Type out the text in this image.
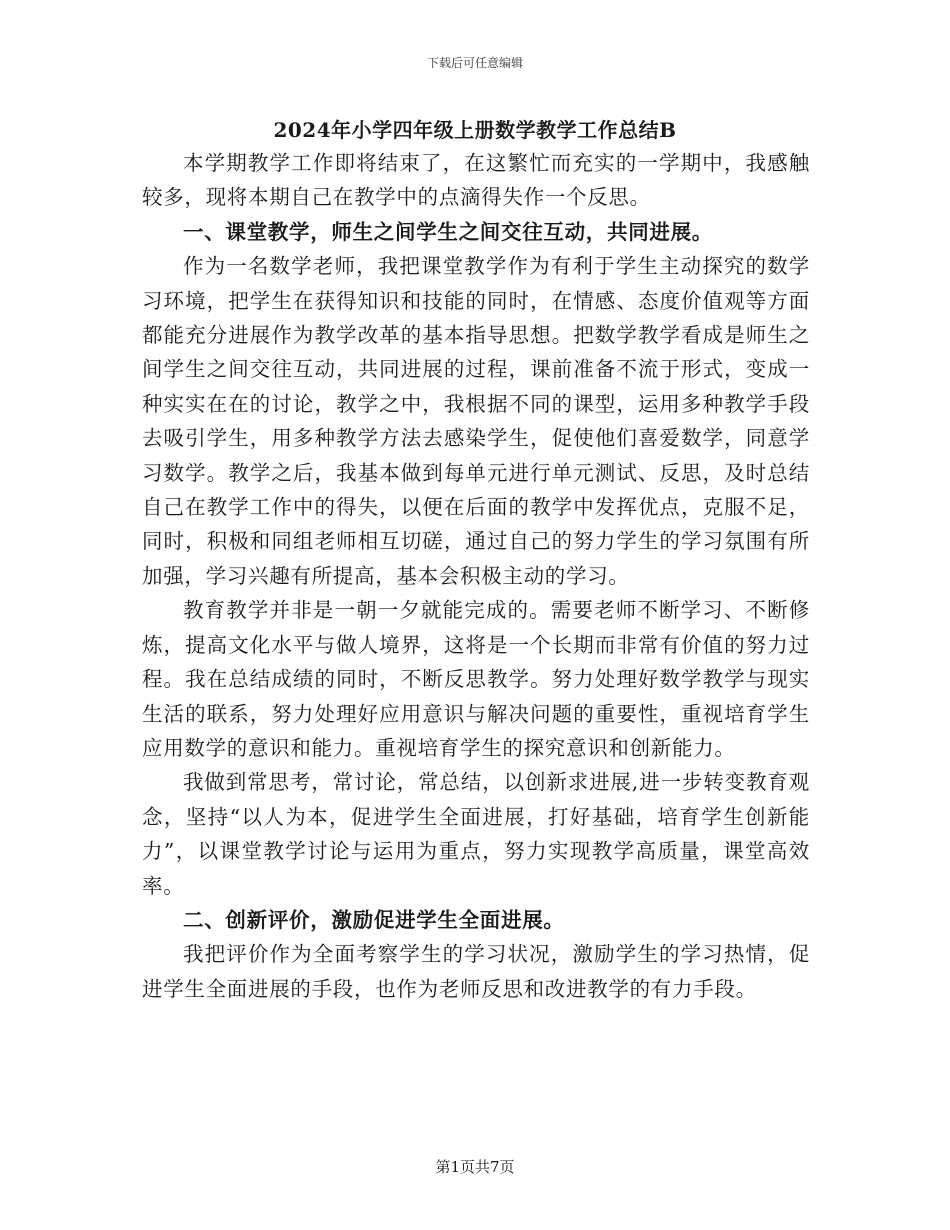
下载后可任意编辑
2024年小学四年级上册数学教学工作总结B

本学期教学工作即将结束了，在这繁忙而充实的一学期中，我感触较多，现将本期自己在教学中的点滴得失作一个反思。

一、课堂教学，师生之间学生之间交往互动，共同进展。

作为一名数学老师，我把课堂教学作为有利于学生主动探究的数学习环境，把学生在获得知识和技能的同时，在情感、态度价值观等方面都能充分进展作为教学改革的基本指导思想。把数学教学看成是师生之间学生之间交往互动，共同进展的过程，课前准备不流于形式，变成一种实实在在的讨论，教学之中，我根据不同的课型，运用多种教学手段去吸引学生，用多种教学方法去感染学生，促使他们喜爱数学，同意学习数学。教学之后，我基本做到每单元进行单元测试、反思，及时总结自己在教学工作中的得失，以便在后面的教学中发挥优点，克服不足，同时，积极和同组老师相互切磋，通过自己的努力学生的学习氛围有所加强，学习兴趣有所提高，基本会积极主动的学习。

教育教学并非是一朝一夕就能完成的。需要老师不断学习、不断修炼，提高文化水平与做人境界，这将是一个长期而非常有价值的努力过程。我在总结成绩的同时，不断反思教学。努力处理好数学教学与现实生活的联系，努力处理好应用意识与解决问题的重要性，重视培育学生应用数学的意识和能力。重视培育学生的探究意识和创新能力。

我做到常思考，常讨论，常总结，以创新求进展,进一步转变教育观念，坚持“以人为本，促进学生全面进展，打好基础，培育学生创新能力”，以课堂教学讨论与运用为重点，努力实现教学高质量，课堂高效率。

二、创新评价，激励促进学生全面进展。

我把评价作为全面考察学生的学习状况，激励学生的学习热情，促进学生全面进展的手段，也作为老师反思和改进教学的有力手段。

第1页共7页
